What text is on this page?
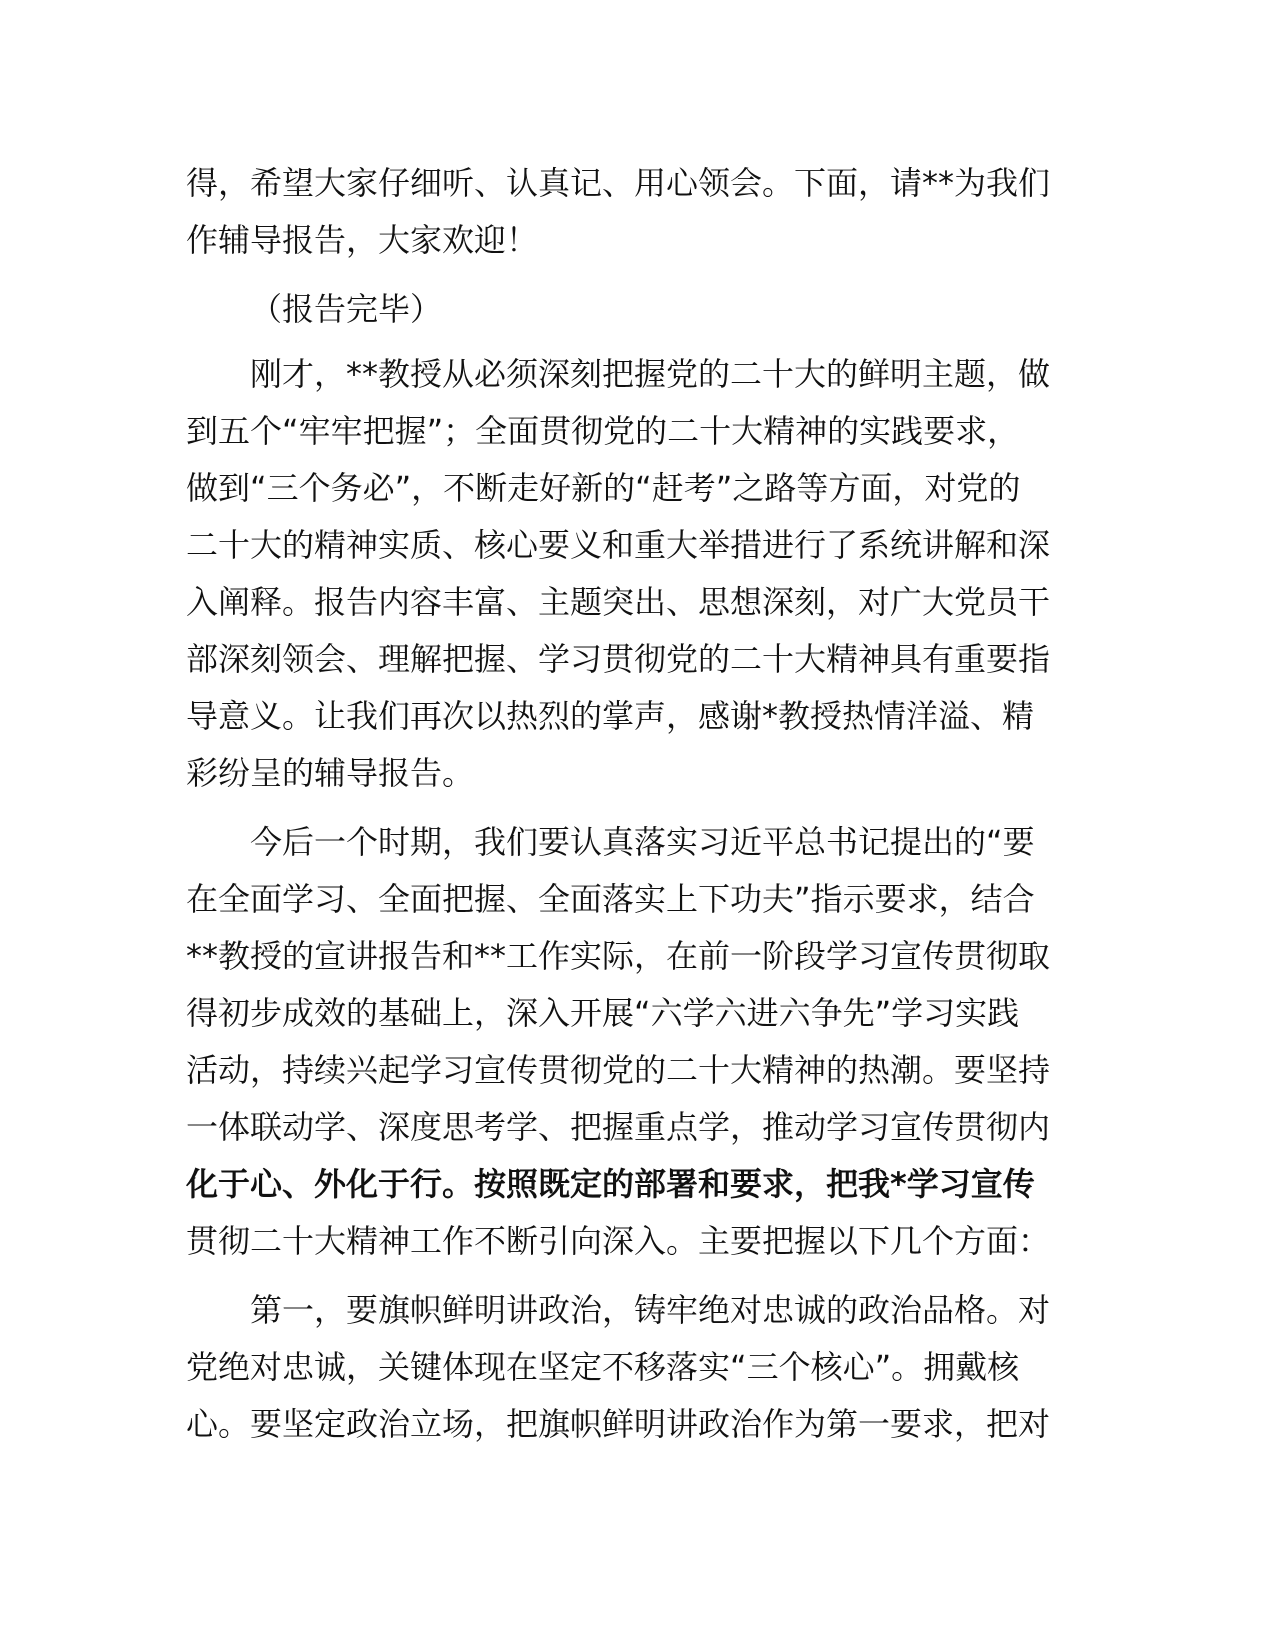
得，希望大家仔细听、认真记、用心领会。下面，请**为我们
作辅导报告，大家欢迎！
（报告完毕）
刚才，**教授从必须深刻把握党的二十大的鲜明主题，做
到五个“牢牢把握”；全面贯彻党的二十大精神的实践要求，
做到“三个务必”，不断走好新的“赶考”之路等方面，对党的
二十大的精神实质、核心要义和重大举措进行了系统讲解和深
入阐释。报告内容丰富、主题突出、思想深刻，对广大党员干
部深刻领会、理解把握、学习贯彻党的二十大精神具有重要指
导意义。让我们再次以热烈的掌声，感谢*教授热情洋溢、精
彩纷呈的辅导报告。
今后一个时期，我们要认真落实习近平总书记提出的“要
在全面学习、全面把握、全面落实上下功夫”指示要求，结合
**教授的宣讲报告和**工作实际，在前一阶段学习宣传贯彻取
得初步成效的基础上，深入开展“六学六进六争先”学习实践
活动，持续兴起学习宣传贯彻党的二十大精神的热潮。要坚持
一体联动学、深度思考学、把握重点学，推动学习宣传贯彻内
化于心、外化于行。按照既定的部署和要求，把我*学习宣传
贯彻二十大精神工作不断引向深入。主要把握以下几个方面：
第一，要旗帜鲜明讲政治，铸牢绝对忠诚的政治品格。对
党绝对忠诚，关键体现在坚定不移落实“三个核心”。拥戴核
心。要坚定政治立场，把旗帜鲜明讲政治作为第一要求，把对
